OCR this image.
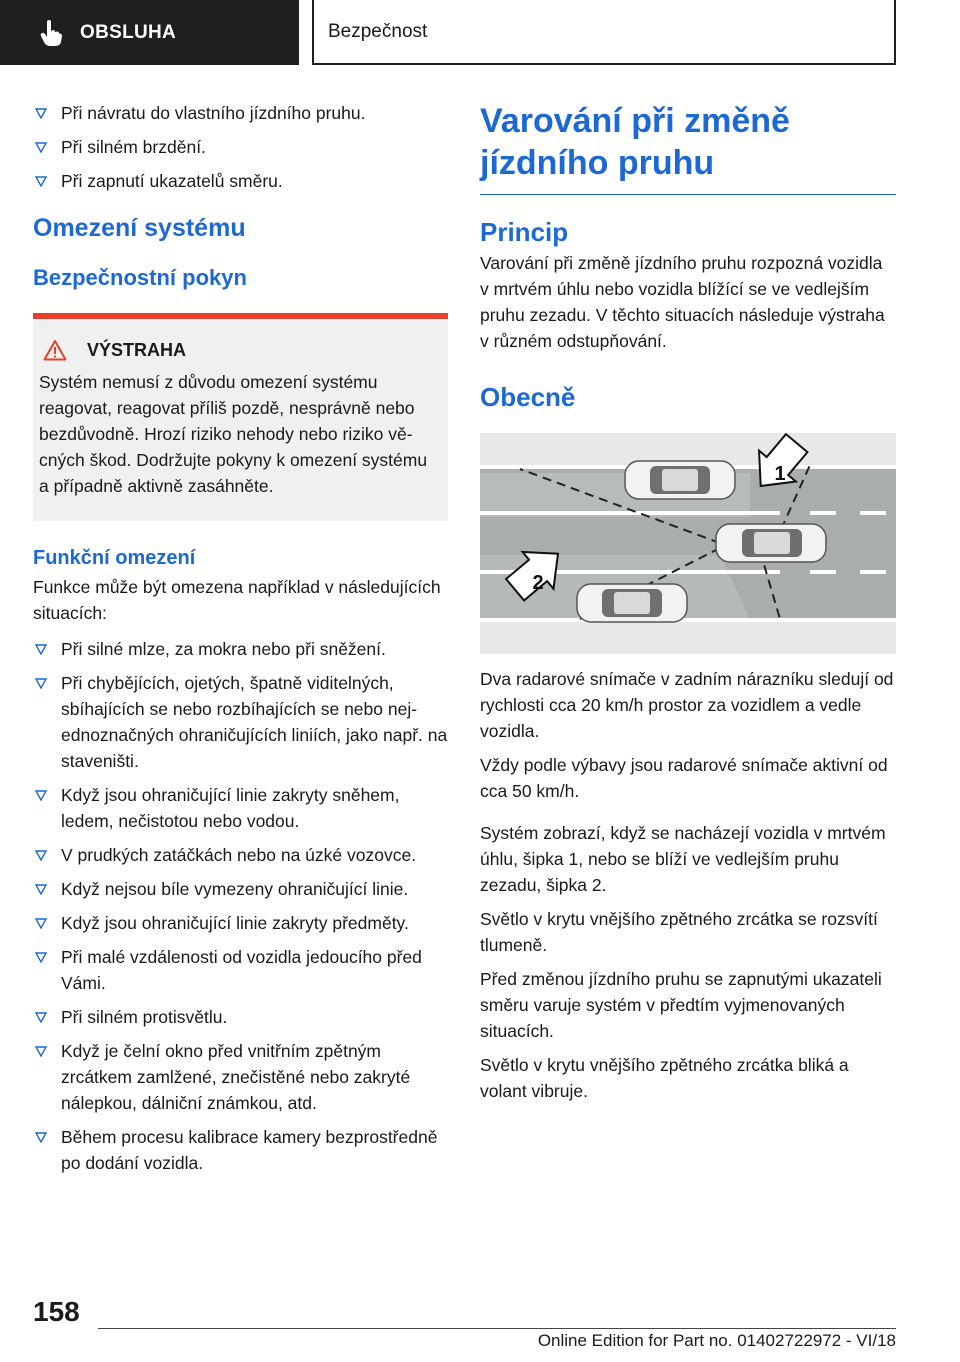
OBSLUHA	Bezpečnost
Při návratu do vlastního jízdního pruhu.
Při silném brzdění.
Při zapnutí ukazatelů směru.
Omezení systému
Bezpečnostní pokyn
VÝSTRAHA

Systém nemusí z důvodu omezení systému reagovat, reagovat příliš pozdě, nesprávně nebo bezdůvodně. Hrozí riziko nehody nebo riziko věcných škod. Dodržujte pokyny k omezení systému a případně aktivně zasáhněte.

Funkční omezení

Funkce může být omezena například v následujících situacích:

Při silné mlze, za mokra nebo při sněžení.
Při chybějících, ojetých, špatně viditelných, sbíhajících se nebo rozbíhajících se nebo nejednoznačných ohraničujících liniích, jako např. na staveništi.
Když jsou ohraničující linie zakryty sněhem, ledem, nečistotou nebo vodou.
V prudkých zatáčkách nebo na úzké vozovce.
Když nejsou bíle vymezeny ohraničující linie.
Když jsou ohraničující linie zakryty předměty.
Při malé vzdálenosti od vozidla jedoucího před Vámi.
Při silném protisvětlu.
Když je čelní okno před vnitřním zpětným zrcátkem zamlžené, znečistěné nebo zakryté nálepkou, dálniční známkou, atd.
Během procesu kalibrace kamery bezprostředně po dodání vozidla.
Varování při změně jízdního pruhu
Princip

Varování při změně jízdního pruhu rozpozná vozidla v mrtvém úhlu nebo vozidla blížící se ve vedlejším pruhu zezadu. V těchto situacích následuje výstraha v různém odstupňování.

Obecně
1
2

Dva radarové snímače v zadním nárazníku sledují od rychlosti cca 20 km/h prostor za vozidlem a vedle vozidla.

Vždy podle výbavy jsou radarové snímače aktivní od cca 50 km/h.

Systém zobrazí, když se nacházejí vozidla v mrtvém úhlu, šipka 1, nebo se blíží ve vedlejším pruhu zezadu, šipka 2.

Světlo v krytu vnějšího zpětného zrcátka se rozsvítí tlumeně.

Před změnou jízdního pruhu se zapnutými ukazateli směru varuje systém v předtím vyjmenovaných situacích.

Světlo v krytu vnějšího zpětného zrcátka bliká a volant vibruje.

158
Online Edition for Part no. 01402722972 - VI/18
